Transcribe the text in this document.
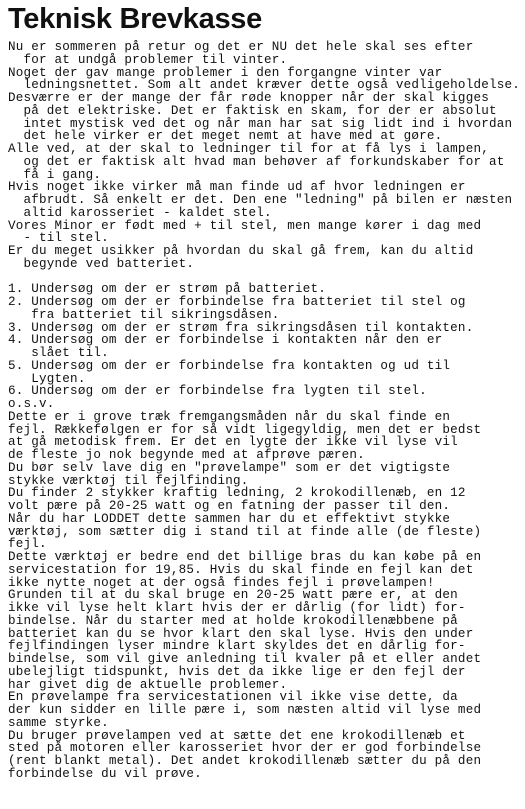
Teknisk Brevkasse
Nu er sommeren på retur og det er NU det hele skal ses efter
for at undgå problemer til vinter.
Noget der gav mange problemer i den forgangne vinter var
ledningsnettet. Som alt andet kræver dette også vedligeholdelse.
Desværre er der mange der får røde knopper når der skal kigges
på det elektriske. Det er faktisk en skam, for der er absolut
intet mystisk ved det og når man har sat sig lidt ind i hvordan
det hele virker er det meget nemt at have med at gøre.
Alle ved, at der skal to ledninger til for at få lys i lampen,
og det er faktisk alt hvad man behøver af forkundskaber for at
få i gang.
Hvis noget ikke virker må man finde ud af hvor ledningen er
afbrudt. Så enkelt er det. Den ene "ledning" på bilen er næsten
altid karosseriet - kaldet stel.
Vores Minor er født med + til stel, men mange kører i dag med
- til stel.
Er du meget usikker på hvordan du skal gå frem, kan du altid
begynde ved batteriet.
1. Undersøg om der er strøm på batteriet.
2. Undersøg om der er forbindelse fra batteriet til stel og
fra batteriet til sikringsdåsen.
3. Undersøg om der er strøm fra sikringsdåsen til kontakten.
4. Undersøg om der er forbindelse i kontakten når den er
slået til.
5. Undersøg om der er forbindelse fra kontakten og ud til
Lygten.
6. Undersøg om der er forbindelse fra lygten til stel.
o.s.v.
Dette er i grove træk fremgangsmåden når du skal finde en
fejl. Rækkefølgen er for så vidt ligegyldig, men det er bedst
at gå metodisk frem. Er det en lygte der ikke vil lyse vil
de fleste jo nok begynde med at afprøve pæren.
Du bør selv lave dig en "prøvelampe" som er det vigtigste
stykke værktøj til fejlfinding.
Du finder 2 stykker kraftig ledning, 2 krokodillenæb, en 12
volt pære på 20-25 watt og en fatning der passer til den.
Når du har LODDET dette sammen har du et effektivt stykke
værktøj, som sætter dig i stand til at finde alle (de fleste)
fejl.
Dette værktøj er bedre end det billige bras du kan købe på en
servicestation for 19,85. Hvis du skal finde en fejl kan det
ikke nytte noget at der også findes fejl i prøvelampen!
Grunden til at du skal bruge en 20-25 watt pære er, at den
ikke vil lyse helt klart hvis der er dårlig (for lidt) for-
bindelse. Når du starter med at holde krokodillenæbbene på
batteriet kan du se hvor klart den skal lyse. Hvis den under
fejlfindingen lyser mindre klart skyldes det en dårlig for-
bindelse, som vil give anledning til kvaler på et eller andet
ubelejligt tidspunkt, hvis det da ikke lige er den fejl der
har givet dig de aktuelle problemer.
En prøvelampe fra servicestationen vil ikke vise dette, da
der kun sidder en lille pære i, som næsten altid vil lyse med
samme styrke.
Du bruger prøvelampen ved at sætte det ene krokodillenæb et
sted på motoren eller karosseriet hvor der er god forbindelse
(rent blankt metal). Det andet krokodillenæb sætter du på den
forbindelse du vil prøve.
